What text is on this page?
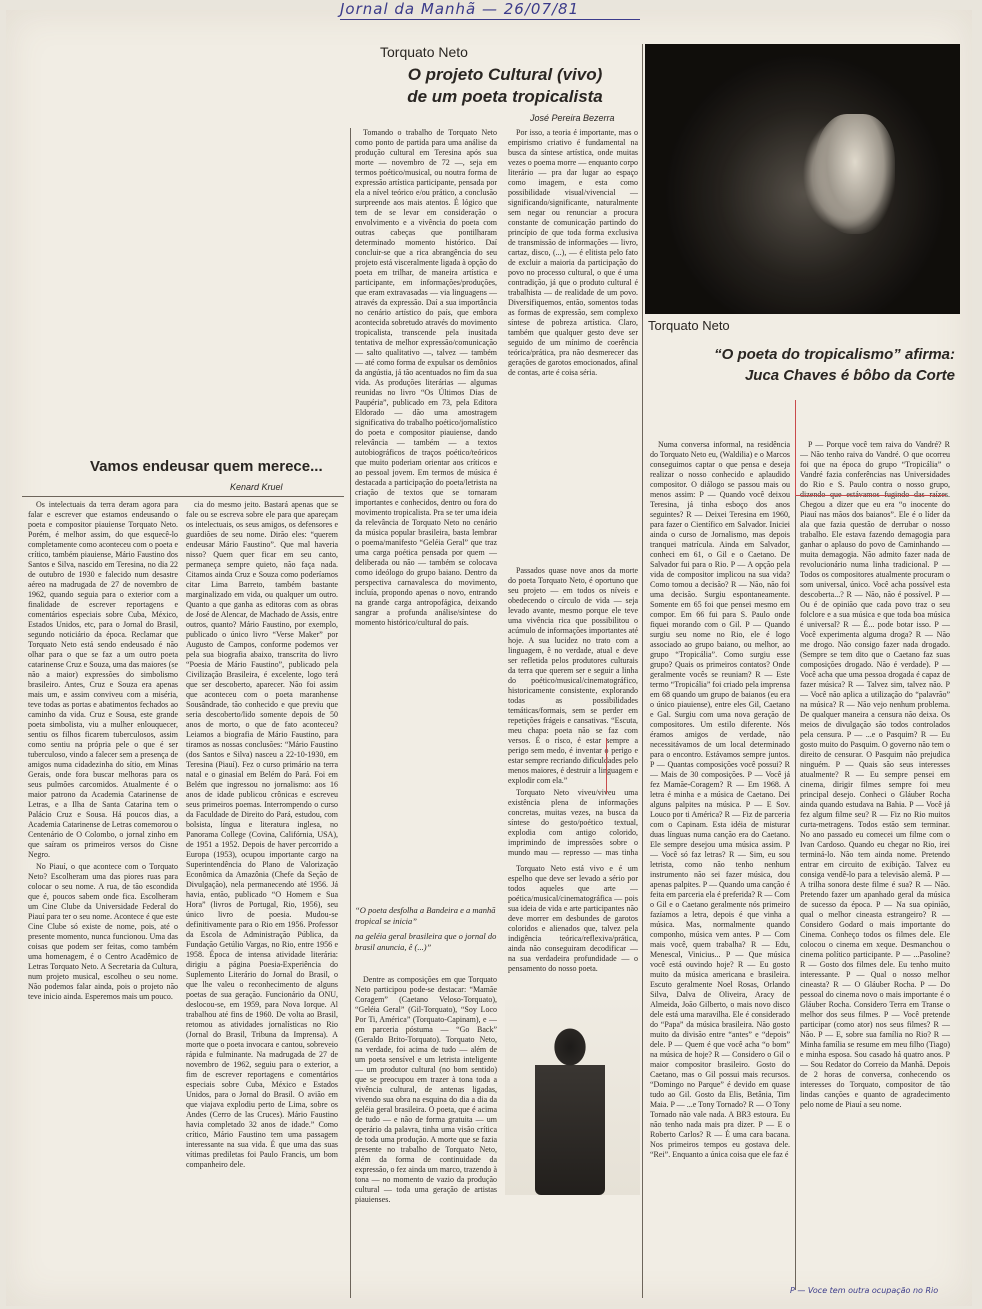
Jornal da Manhã — 26/07/81
Torquato Neto
O projeto Cultural (vivo)
de um poeta tropicalista
José Pereira Bezerra
Vamos endeusar quem merece...
Kenard Kruel

Os intelectuais da terra deram agora para falar e escrever que estamos endeusando o poeta e compositor piauiense Torquato Neto. Porém, é melhor assim, do que esquecê-lo completamente como aconteceu com o poeta e crítico, também piauiense, Mário Faustino dos Santos e Silva, nascido em Teresina, no dia 22 de outubro de 1930 e falecido num desastre aéreo na madrugada de 27 de novembro de 1962, quando seguia para o exterior com a finalidade de escrever reportagens e comentários especiais sobre Cuba, México, Estados Unidos, etc, para o Jornal do Brasil, segundo noticiário da época. Reclamar que Torquato Neto está sendo endeusado é não olhar para o que se faz a um outro poeta catarinense Cruz e Souza, uma das maiores (se não a maior) expressões do simbolismo brasileiro. Antes, Cruz e Souza era apenas mais um, e assim conviveu com a miséria, teve todas as portas e abatimentos fechados ao caminho da vida. Cruz e Sousa, este grande poeta simbolista, viu a mulher enlouquecer, sentiu os filhos ficarem tuberculosos, assim como sentiu na própria pele o que é ser tuberculoso, vindo a falecer sem a presença de amigos numa cidadezinha do sítio, em Minas Gerais, onde fora buscar melhoras para os seus pulmões carcomidos. Atualmente é o maior patrono da Academia Catarinense de Letras, e a Ilha de Santa Catarina tem o Palácio Cruz e Sousa. Há poucos dias, a Academia Catarinense de Letras comemorou o Centenário de O Colombo, o jornal zinho em que saíram os primeiros versos do Cisne Negro.

No Piauí, o que acontece com o Torquato Neto? Escolheram uma das piores ruas para colocar o seu nome. A rua, de tão escondida que é, poucos sabem onde fica. Escolheram um Cine Clube da Universidade Federal do Piauí para ter o seu nome. Acontece é que este Cine Clube só existe de nome, pois, até o presente momento, nunca funcionou. Uma das coisas que podem ser feitas, como também uma homenagem, é o Centro Acadêmico de Letras Torquato Neto. A Secretaria da Cultura, num projeto musical, escolheu o seu nome. Não podemos falar ainda, pois o projeto não teve inicio ainda. Esperemos mais um pouco.

cia do mesmo jeito. Bastará apenas que se fale ou se escreva sobre ele para que apareçam os intelectuais, os seus amigos, os defensores e guardiões de seu nome. Dirão eles: “querem endeusar Mário Faustino”. Que mal haveria nisso? Quem quer ficar em seu canto, permaneça sempre quieto, não faça nada. Citamos ainda Cruz e Souza como poderíamos citar Lima Barreto, também bastante marginalizado em vida, ou qualquer um outro. Quanto a que ganha as editoras com as obras de José de Alencar, de Machado de Assis, entre outros, quanto? Mário Faustino, por exemplo, publicado o único livro “Verse Maker” por Augusto de Campos, conforme podemos ver pela sua biografia abaixo, transcrita do livro “Poesia de Mário Faustino”, publicado pela Civilização Brasileira, é excelente, logo terá que ser descoberto, aparecer. Não foi assim que aconteceu com o poeta maranhense Sousândrade, tão conhecido e que previu que seria descoberto/lido somente depois de 50 anos de morto, o que de fato aconteceu? Leiamos a biografia de Mário Faustino, para tiramos as nossas conclusões: “Mário Faustino (dos Santos e Silva) nasceu a 22-10-1930, em Teresina (Piauí). Fez o curso primário na terra natal e o ginasial em Belém do Pará. Foi em Belém que ingressou no jornalismo: aos 16 anos de idade publicou crônicas e escreveu seus primeiros poemas. Interrompendo o curso da Faculdade de Direito do Pará, estudou, com bolsista, língua e literatura inglesa, no Panorama College (Covina, Califórnia, USA), de 1951 a 1952. Depois de haver percorrido a Europa (1953), ocupou importante cargo na Superintendência do Plano de Valorização Econômica da Amazônia (Chefe da Seção de Divulgação), nela permanecendo até 1956. Já havia, então, publicado “O Homem e Sua Hora” (livros de Portugal, Rio, 1956), seu único livro de poesia. Mudou-se definitivamente para o Rio em 1956. Professor da Escola de Administração Pública, da Fundação Getúlio Vargas, no Rio, entre 1956 e 1958. Época de intensa atividade literária: dirigiu a página Poesia-Experiência do Suplemento Literário do Jornal do Brasil, o que lhe valeu o reconhecimento de alguns poetas de sua geração. Funcionário da ONU, deslocou-se, em 1959, para Nova Iorque. Al trabalhou até fins de 1960. De volta ao Brasil, retomou as atividades jornalísticas no Rio (Jornal do Brasil, Tribuna da Imprensa). A morte que o poeta invocara e cantou, sobreveio rápida e fulminante. Na madrugada de 27 de novembro de 1962, seguiu para o exterior, a fim de escrever reportagens e comentários especiais sobre Cuba, México e Estados Unidos, para o Jornal do Brasil. O avião em que viajava explodiu perto de Lima, sobre os Andes (Cerro de las Cruces). Mário Faustino havia completado 32 anos de idade.” Como crítico, Mário Faustino tem uma passagem interessante na sua vida. É que uma das suas vítimas prediletas foi Paulo Francis, um bom companheiro dele.

Tomando o trabalho de Torquato Neto como ponto de partida para uma análise da produção cultural em Teresina após sua morte — novembro de 72 —, seja em termos poético/musical, ou noutra forma de expressão artística participante, pensada por ela a nível teórico e/ou prático, a conclusão surpreende aos mais atentos. É lógico que tem de se levar em consideração o envolvimento e a vivência do poeta com outras cabeças que pontilharam determinado momento histórico. Daí concluir-se que a rica abrangência do seu projeto está visceralmente ligada à opção do poeta em trilhar, de maneira artística e participante, em informações/produções, que eram extravasadas — via linguagens — através da expressão. Daí a sua importância no cenário artístico do país, que embora acontecida sobretudo através do movimento tropicalista, transcende pela inusitada tentativa de melhor expressão/comunicação — salto qualitativo —, talvez — também — até como forma de expulsar os demônios da angústia, já tão acentuados no fim da sua vida. As produções literárias — algumas reunidas no livro “Os Últimos Dias de Paupéria”, publicado em 73, pela Editora Eldorado — dão uma amostragem significativa do trabalho poético/jornalístico do poeta e compositor piauiense, dando relevância — também — a textos autobiográficos de traços poético/teóricos que muito poderiam orientar aos críticos e ao pessoal jovem. Em termos de música é destacada a participação do poeta/letrista na criação de textos que se tornaram importantes e conhecidos, dentro ou fora do movimento tropicalista. Pra se ter uma ideia da relevância de Torquato Neto no cenário da música popular brasileira, basta lembrar o poema/manifesto “Geléia Geral” que traz uma carga poética pensada por quem — deliberada ou não — também se colocava como ideólogo do grupo baiano. Dentro da perspectiva carnavalesca do movimento, incluía, propondo apenas o novo, entrando na grande carga antropofágica, deixando sangrar a profunda análise/síntese do momento histórico/cultural do país.

“O poeta desfolha a Bandeira e a manhã tropical se inicia”
na geléia geral brasileira que o jornal do brasil anuncia, ê (...)”

Dentre as composições em que Torquato Neto participou pode-se destacar: “Mamãe Coragem” (Caetano Veloso-Torquato), “Geléia Geral” (Gil-Torquato), “Soy Loco Por Ti, América” (Torquato-Capinam), e — em parceria póstuma — “Go Back” (Geraldo Brito-Torquato). Torquato Neto, na verdade, foi acima de tudo — além de um poeta sensível e um letrista inteligente — um produtor cultural (no bom sentido) que se preocupou em trazer à tona toda a vivência cultural, de antenas ligadas, vivendo sua obra na esquina do dia a dia da geléia geral brasileira. O poeta, que é acima de tudo — e não de forma gratuita — um operário da palavra, tinha uma visão crítica de toda uma produção. A morte que se fazia presente no trabalho de Torquato Neto, além da forma de continuidade da expressão, o fez ainda um marco, trazendo à tona — no momento de vazio da produção cultural — toda uma geração de artistas piauienses.

Por isso, a teoria é importante, mas o empirismo criativo é fundamental na busca da síntese artística, onde muitas vezes o poema morre — enquanto corpo literário — pra dar lugar ao espaço como imagem, e esta como possibilidade visual/vivencial — significando/significante, naturalmente sem negar ou renunciar a procura constante de comunicação partindo do princípio de que toda forma exclusiva de transmissão de informações — livro, cartaz, disco, (...), — é elitista pelo fato de excluir a maioria da participação do povo no processo cultural, o que é uma contradição, já que o produto cultural é trabalhista — de realidade de um povo. Diversifiquemos, então, somentos todas as formas de expressão, sem complexo síntese de pobreza artística. Claro, também que qualquer gesto deve ser seguido de um mínimo de coerência teórica/prática, pra não desmerecer das gerações de garotos emocionados, afinal de contas, arte é coisa séria.

Passados quase nove anos da morte do poeta Torquato Neto, é oportuno que seu projeto — em todos os níveis e obedecendo o círculo de vida — seja levado avante, mesmo porque ele teve uma vivência rica que possibilitou o acúmulo de informações importantes até hoje. A sua lucidez no trato com a linguagem, ê no verdade, atual e deve ser refletida pelos produtores culturais da terra que querem ser e seguir a linha do poético/musical/cinematográfico, historicamente consistente, explorando todas as possibilidades temáticas/formais, sem se perder em repetições frágeis e cansativas. “Escuta, meu chapa: poeta não se faz com versos. É o risco, é estar sempre a perigo sem medo, é inventar o perigo e estar sempre recriando dificuldades pelo menos maiores, é destruir a linguagem e explodir com ela.”

Torquato Neto viveu/viveu uma existência plena de informações concretas, muitas vezes, na busca da síntese do gesto/poético textual, explodia com antigo colorido, imprimindo de impressões sobre o mundo mau — represso — mas tinha

Torquato Neto está vivo e é um espelho que deve ser levado a sério por todos aqueles que arte — poética/musical/cinematográfica — pois sua ideia de vida e arte participantes não deve morrer em desbundes de garotos coloridos e alienados que, talvez pela indigência teórica/reflexiva/prática, ainda não conseguiram decodificar — na sua verdadeira profundidade — o pensamento do nosso poeta.

Torquato Neto
“O poeta do tropicalismo” afirma:
Juca Chaves é bôbo da Corte

Numa conversa informal, na residência do Torquato Neto eu, (Waldilia) e o Marcos conseguimos captar o que pensa e deseja realizar o nosso conhecido e aplaudido compositor. O diálogo se passou mais ou menos assim: P — Quando você deixou Teresina, já tinha esboço dos anos seguintes? R — Deixei Teresina em 1960, para fazer o Científico em Salvador. Iniciei ainda o curso de Jornalismo, mas depois tranquei matrícula. Ainda em Salvador, conheci em 61, o Gil e o Caetano. De Salvador fui para o Rio. P — A opção pela vida de compositor implicou na sua vida? Como tomou a decisão? R — Não, não foi uma decisão. Surgiu espontaneamente. Somente em 65 foi que pensei mesmo em compor. Em 66 fui para S. Paulo onde fiquei morando com o Gil. P — Quando surgiu seu nome no Rio, ele é logo associado ao grupo baiano, ou melhor, ao grupo “Tropicália”. Como surgiu esse grupo? Quais os primeiros contatos? Onde geralmente vocês se reuniam? R — Este termo “Tropicália” foi criado pela imprensa em 68 quando um grupo de baianos (eu era o único piauiense), entre eles Gil, Caetano e Gal. Surgiu com uma nova geração de compositores. Um estilo diferente. Nós éramos amigos de verdade, não necessitávamos de um local determinado para o encontro. Estávamos sempre juntos. P — Quantas composições você possui? R — Mais de 30 composições. P — Você já fez Mamãe-Coragem? R — Em 1968. A letra é minha e a música de Caetano. Dei alguns palpites na música. P — E Sov. Louco por ti América? R — Fiz de parceria com o Capinam. Esta idéia de misturar duas línguas numa canção era do Caetano. Ele sempre desejou uma música assim. P — Você só faz letras? R — Sim, eu sou letrista, como não tenho nenhum instrumento não sei fazer música, dou apenas palpites. P — Quando uma canção é feita em parceria ela é preferida? R — Com o Gil e o Caetano geralmente nós primeiro fazíamos a letra, depois é que vinha a música. Mas, normalmente quando componho, música vem antes. P — Com mais você, quem trabalha? R — Edu, Menescal, Vinicius... P — Que música você está ouvindo hoje? R — Eu gosto muito da música americana e brasileira. Escuto geralmente Noel Rosas, Orlando Silva, Dalva de Oliveira, Aracy de Almeida, João Gilberto, o mais novo disco dele está uma maravilha. Ele é considerado do “Papa” da música brasileira. Não gosto muito da divisão entre “antes” e “depois” dele. P — Quem é que você acha “o bom” na música de hoje? R — Considero o Gil o maior compositor brasileiro. Gosto do Caetano, mas o Gil possui mais recursos. “Domingo no Parque” é devido em quase tudo ao Gil. Gosto da Elis, Betânia, Tim Maia. P — ...e Tony Tornado? R — O Tony Tornado não vale nada. A BR3 estoura. Eu não tenho nada mais pra dizer. P — E o Roberto Carlos? R — É uma cara bacana. Nos primeiros tempos eu gostava dele. “Rei”. Enquanto a única coisa que ele faz é

P — Porque você tem raiva do Vandré? R — Não tenho raiva do Vandré. O que ocorreu foi que na época do grupo “Tropicália” o Vandré fazia conferências nas Universidades do Rio e S. Paulo contra o nosso grupo, dizendo que estávamos fugindo das raízes. Chegou a dizer que eu era “o inocente do Piauí nas mãos dos baianos”. Ele é o líder da ala que fazia questão de derrubar o nosso trabalho. Ele estava fazendo demagogia para ganhar o aplauso do povo de Caminhando — muita demagogia. Não admito fazer nada de revolucionário numa linha tradicional. P — Todos os compositores atualmente procuram o som universal, único. Você acha possível esta descoberta...? R — Não, não é possível. P — Ou é de opinião que cada povo traz o seu folclore e a sua música e que toda boa música é universal? R — É... pode botar isso. P — Você experimenta alguma droga? R — Não me drogo. Não consigo fazer nada drogado. (Sempre se tem dito que o Caetano faz suas composições drogado. Não é verdade). P — Você acha que uma pessoa drogada é capaz de fazer música? R — Talvez sim, talvez não. P — Você não aplica a utilização do “palavrão” na música? R — Não vejo nenhum problema. De qualquer maneira a censura não deixa. Os meios de divulgação são todos controlados pela censura. P — ...e o Pasquim? R — Eu gosto muito do Pasquim. O governo não tem o direito de censurar. O Pasquim não prejudica ninguém. P — Quais são seus interesses atualmente? R — Eu sempre pensei em cinema, dirigir filmes sempre foi meu principal desejo. Conheci o Gláuber Rocha ainda quando estudava na Bahia. P — Você já fez algum filme seu? R — Fiz no Rio muitos curta-metragens. Todos estão sem terminar. No ano passado eu comecei um filme com o Ivan Cardoso. Quando eu chegar no Rio, irei terminá-lo. Não tem ainda nome. Pretendo entrar em circuito de exibição. Talvez eu consiga vendê-lo para a televisão alemã. P — A trilha sonora deste filme é sua? R — Não. Pretendo fazer um apanhado geral da música de sucesso da época. P — Na sua opinião, qual o melhor cineasta estrangeiro? R — Considero Godard o mais importante do Cinema. Conheço todos os filmes dele. Ele colocou o cinema em xeque. Desmanchou o cinema político participante. P — ...Pasoline? R — Gosto dos filmes dele. Eu tenho muito interessante. P — Qual o nosso melhor cineasta? R — O Gláuber Rocha. P — Do pessoal do cinema novo o mais importante é o Gláuber Rocha. Considero Terra em Transe o melhor dos seus filmes. P — Você pretende participar (como ator) nos seus filmes? R — Não. P — E, sobre sua família no Rio? R — Minha família se resume em meu filho (Tiago) e minha esposa. Sou casado há quatro anos. P — Sou Redator do Correio da Manhã. Depois de 2 horas de conversa, conhecendo os interesses do Torquato, compositor de tão lindas canções e quanto de agradecimento pelo nome de Piauí a seu nome.

P — Voce tem outra ocupação no Rio
